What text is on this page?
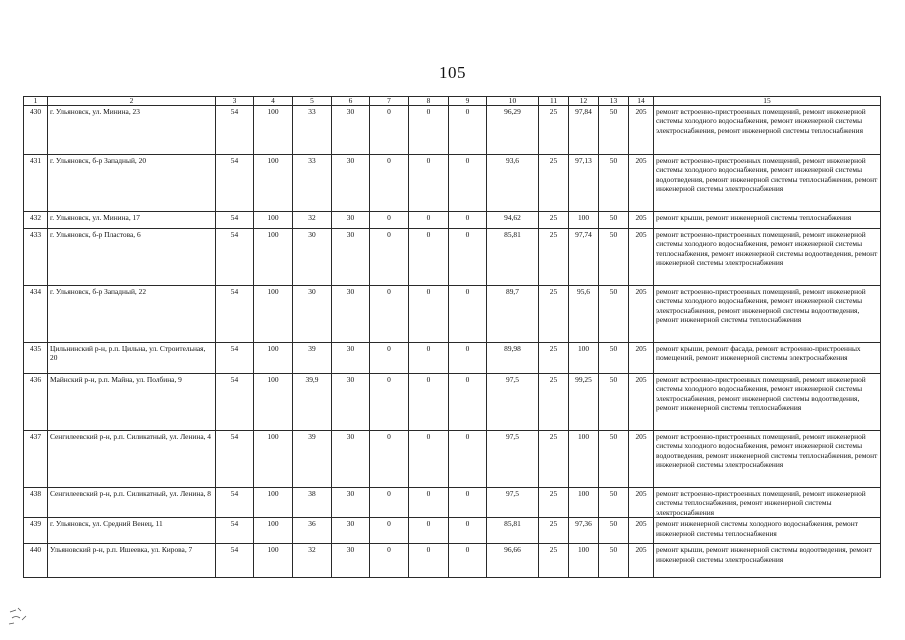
105
1	2	3	4	5	6	7	8	9	10	11	12	13	14	15
430	г. Ульяновск, ул. Минина, 23	54	100	33	30	0	0	0	96,29	25	97,84	50	205	ремонт встроенно-пристроенных помещений, ремонт инженерной системы холодного водоснабжения, ремонт инженерной системы электроснабжения, ремонт инженерной системы теплоснабжения
431	г. Ульяновск, б-р Западный, 20	54	100	33	30	0	0	0	93,6	25	97,13	50	205	ремонт встроенно-пристроенных помещений, ремонт инженерной системы холодного водоснабжения, ремонт инженерной системы водоотведения, ремонт инженерной системы теплоснабжения, ремонт инженерной системы электроснабжения
432	г. Ульяновск, ул. Минина, 17	54	100	32	30	0	0	0	94,62	25	100	50	205	ремонт крыши, ремонт инженерной системы теплоснабжения
433	г. Ульяновск, б-р Пластова, 6	54	100	30	30	0	0	0	85,81	25	97,74	50	205	ремонт встроенно-пристроенных помещений, ремонт инженерной системы холодного водоснабжения, ремонт инженерной системы теплоснабжения, ремонт инженерной системы водоотведения, ремонт инженерной системы электроснабжения
434	г. Ульяновск, б-р Западный, 22	54	100	30	30	0	0	0	89,7	25	95,6	50	205	ремонт встроенно-пристроенных помещений, ремонт инженерной системы холодного водоснабжения, ремонт инженерной системы электроснабжения, ремонт инженерной системы водоотведения, ремонт инженерной системы теплоснабжения
435	Цильнинский р-н, р.п. Цильна, ул. Строительная, 20	54	100	39	30	0	0	0	89,98	25	100	50	205	ремонт крыши, ремонт фасада, ремонт встроенно-пристроенных помещений, ремонт инженерной системы электроснабжения
436	Майнский р-н, р.п. Майна, ул. Полбина, 9	54	100	39,9	30	0	0	0	97,5	25	99,25	50	205	ремонт встроенно-пристроенных помещений, ремонт инженерной системы холодного водоснабжения, ремонт инженерной системы электроснабжения, ремонт инженерной системы водоотведения, ремонт инженерной системы теплоснабжения
437	Сенгилеевский р-н, р.п. Силикатный, ул. Ленина, 4	54	100	39	30	0	0	0	97,5	25	100	50	205	ремонт встроенно-пристроенных помещений, ремонт инженерной системы холодного водоснабжения, ремонт инженерной системы водоотведения, ремонт инженерной системы теплоснабжения, ремонт инженерной системы электроснабжения
438	Сенгилеевский р-н, р.п. Силикатный, ул. Ленина, 8	54	100	38	30	0	0	0	97,5	25	100	50	205	ремонт встроенно-пристроенных помещений, ремонт инженерной системы теплоснабжения, ремонт инженерной системы электроснабжения
439	г. Ульяновск, ул. Средний Венец, 11	54	100	36	30	0	0	0	85,81	25	97,36	50	205	ремонт инженерной системы холодного водоснабжения, ремонт инженерной системы теплоснабжения
440	Ульяновский р-н, р.п. Ишеевка, ул. Кирова, 7	54	100	32	30	0	0	0	96,66	25	100	50	205	ремонт крыши, ремонт инженерной системы водоотведения, ремонт инженерной системы электроснабжения
